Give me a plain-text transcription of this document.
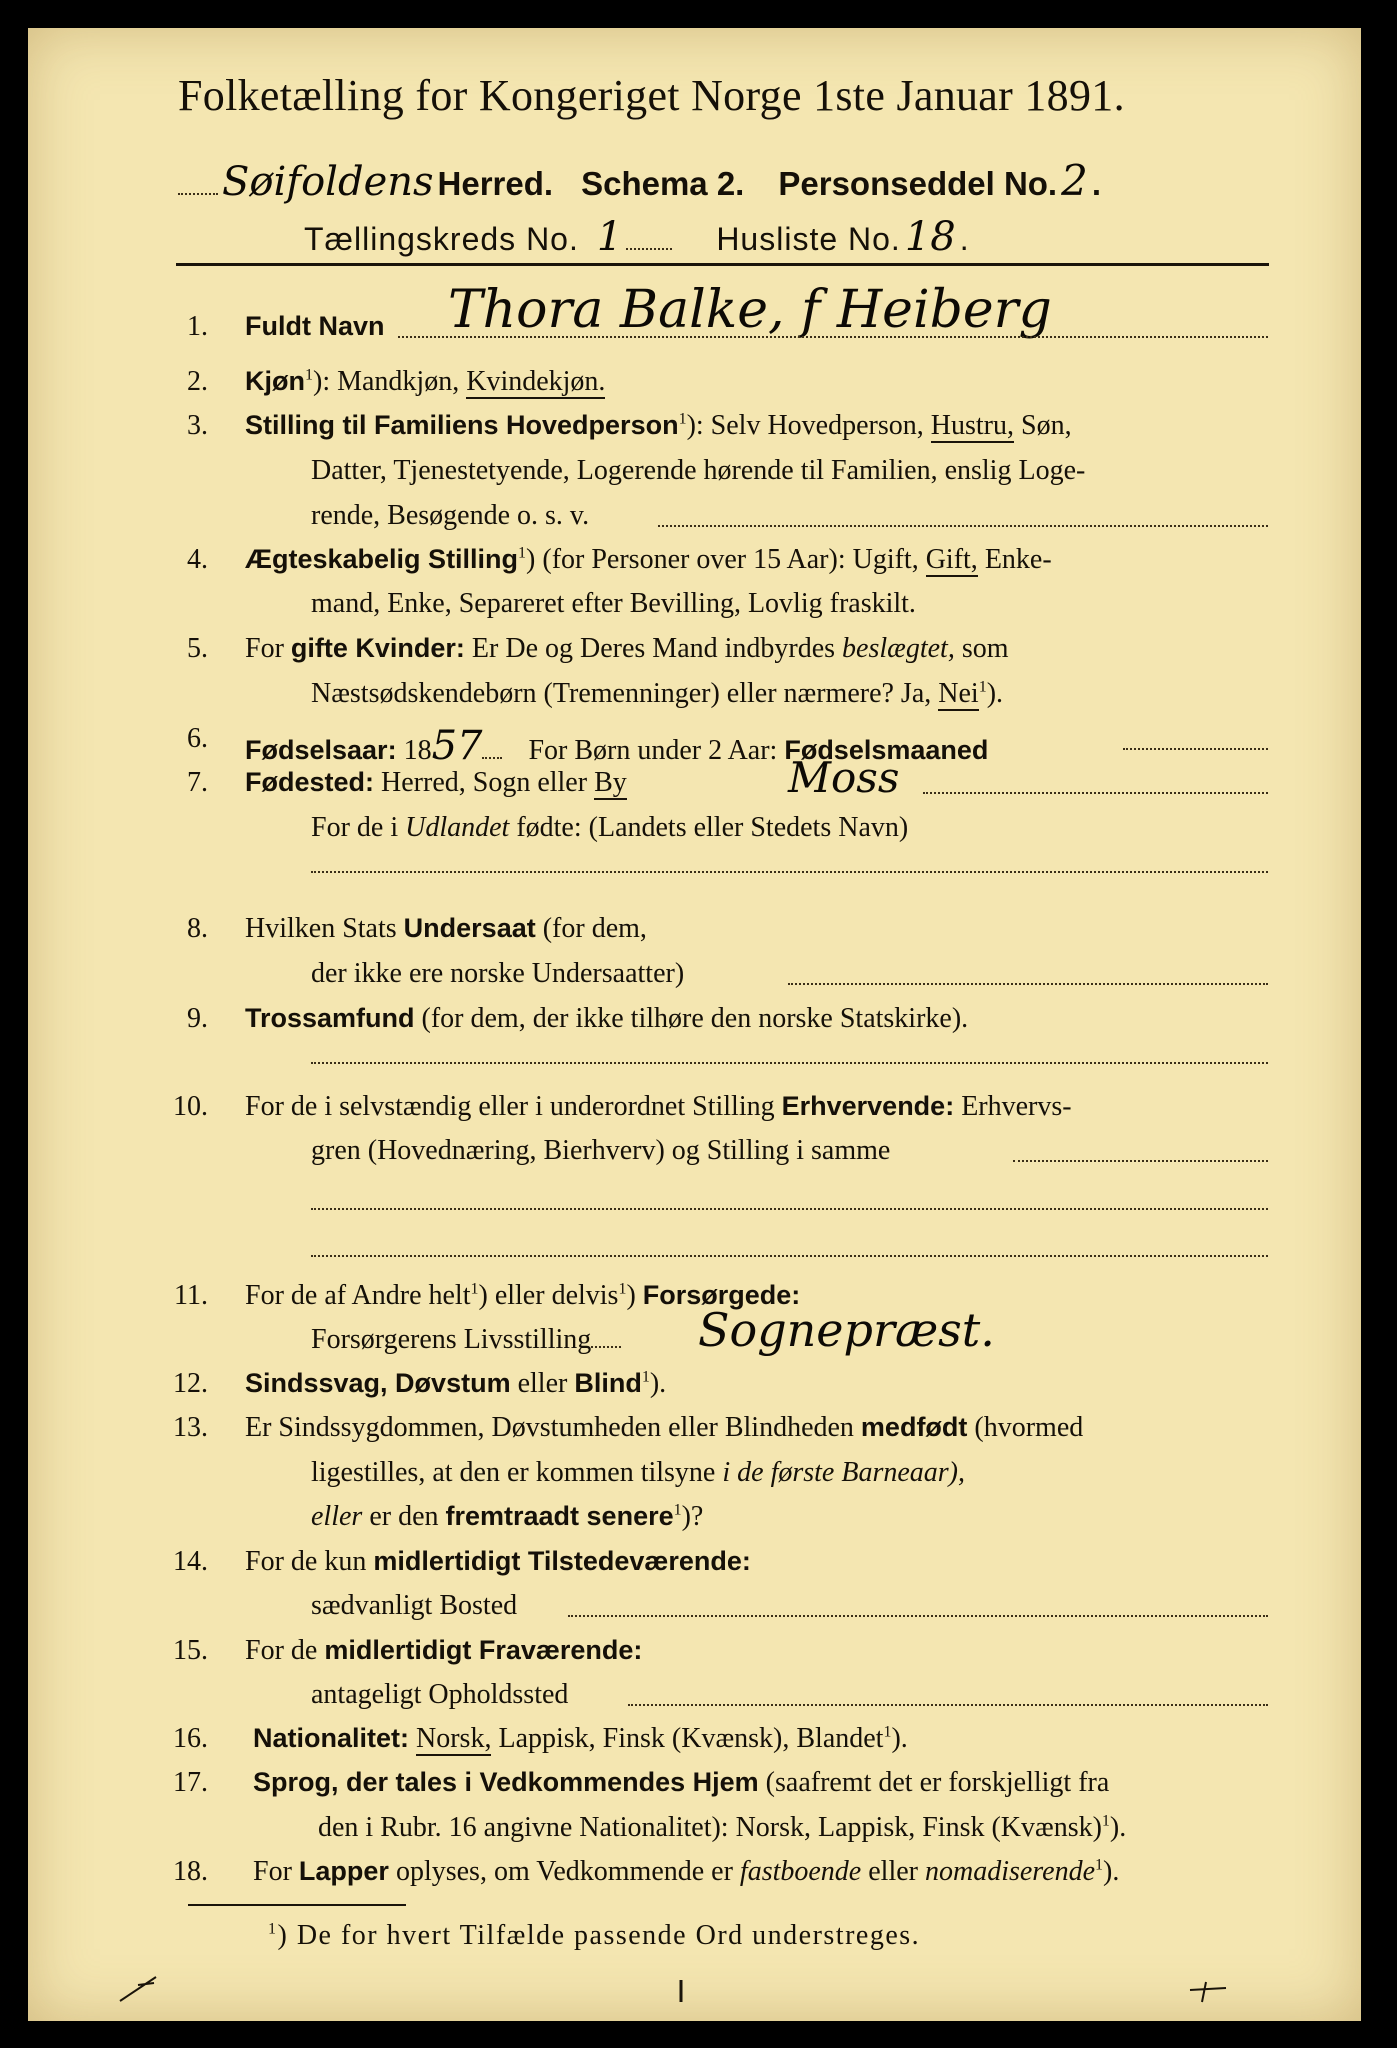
Folketælling for Kongeriget Norge 1ste Januar 1891.
Søifoldens Herred. Schema 2. Personseddel No. 2 .
Tællingskreds No. 1	Husliste No. 18 .
1. Fuldt Navn Thora Balke, f Heiberg
2. Kjøn$^1$): Mandkjøn, Kvindekjøn.
3. Stilling til Familiens Hovedperson$^1$): Selv Hovedperson, Hustru, Søn,
Datter, Tjenestetyende, Logerende hørende til Familien, enslig Loge-
rende, Besøgende o. s. v.
4. Ægteskabelig Stilling$^1$) (for Personer over 15 Aar): Ugift, Gift, Enke-
mand, Enke, Separeret efter Bevilling, Lovlig fraskilt.
5. For gifte Kvinder: Er De og Deres Mand indbyrdes beslægtet, som
Næstsødskendebørn (Tremenninger) eller nærmere? Ja, Nei$^1$).
6. Fødselsaar: 1857 For Børn under 2 Aar: Fødselsmaaned
7. Fødested: Herred, Sogn eller By	Moss
For de i Udlandet fødte: (Landets eller Stedets Navn)
8. Hvilken Stats Undersaat (for dem,
der ikke ere norske Undersaatter)
9. Trossamfund (for dem, der ikke tilhøre den norske Statskirke).
10. For de i selvstændig eller i underordnet Stilling Erhvervende: Erhvervs-
gren (Hovednæring, Bierhverv) og Stilling i samme
11. For de af Andre helt$^1$) eller delvis$^1$) Forsørgede:
Forsørgerens Livsstilling	Sognepræst.
12. Sindssvag, Døvstum eller Blind$^1$).
13. Er Sindssygdommen, Døvstumheden eller Blindheden medfødt (hvormed
ligestilles, at den er kommen tilsyne i de første Barneaar),
eller er den fremtraadt senere$^1$)?
14. For de kun midlertidigt Tilstedeværende:
sædvanligt Bosted
15. For de midlertidigt Fraværende:
antageligt Opholdssted
16. Nationalitet: Norsk, Lappisk, Finsk (Kvænsk), Blandet$^1$).
17. Sprog, der tales i Vedkommendes Hjem (saafremt det er forskjelligt fra
den i Rubr. 16 angivne Nationalitet): Norsk, Lappisk, Finsk (Kvænsk)$^1$).
18. For Lapper oplyses, om Vedkommende er fastboende eller nomadiserende$^1$).
$^1$) De for hvert Tilfælde passende Ord understreges.
